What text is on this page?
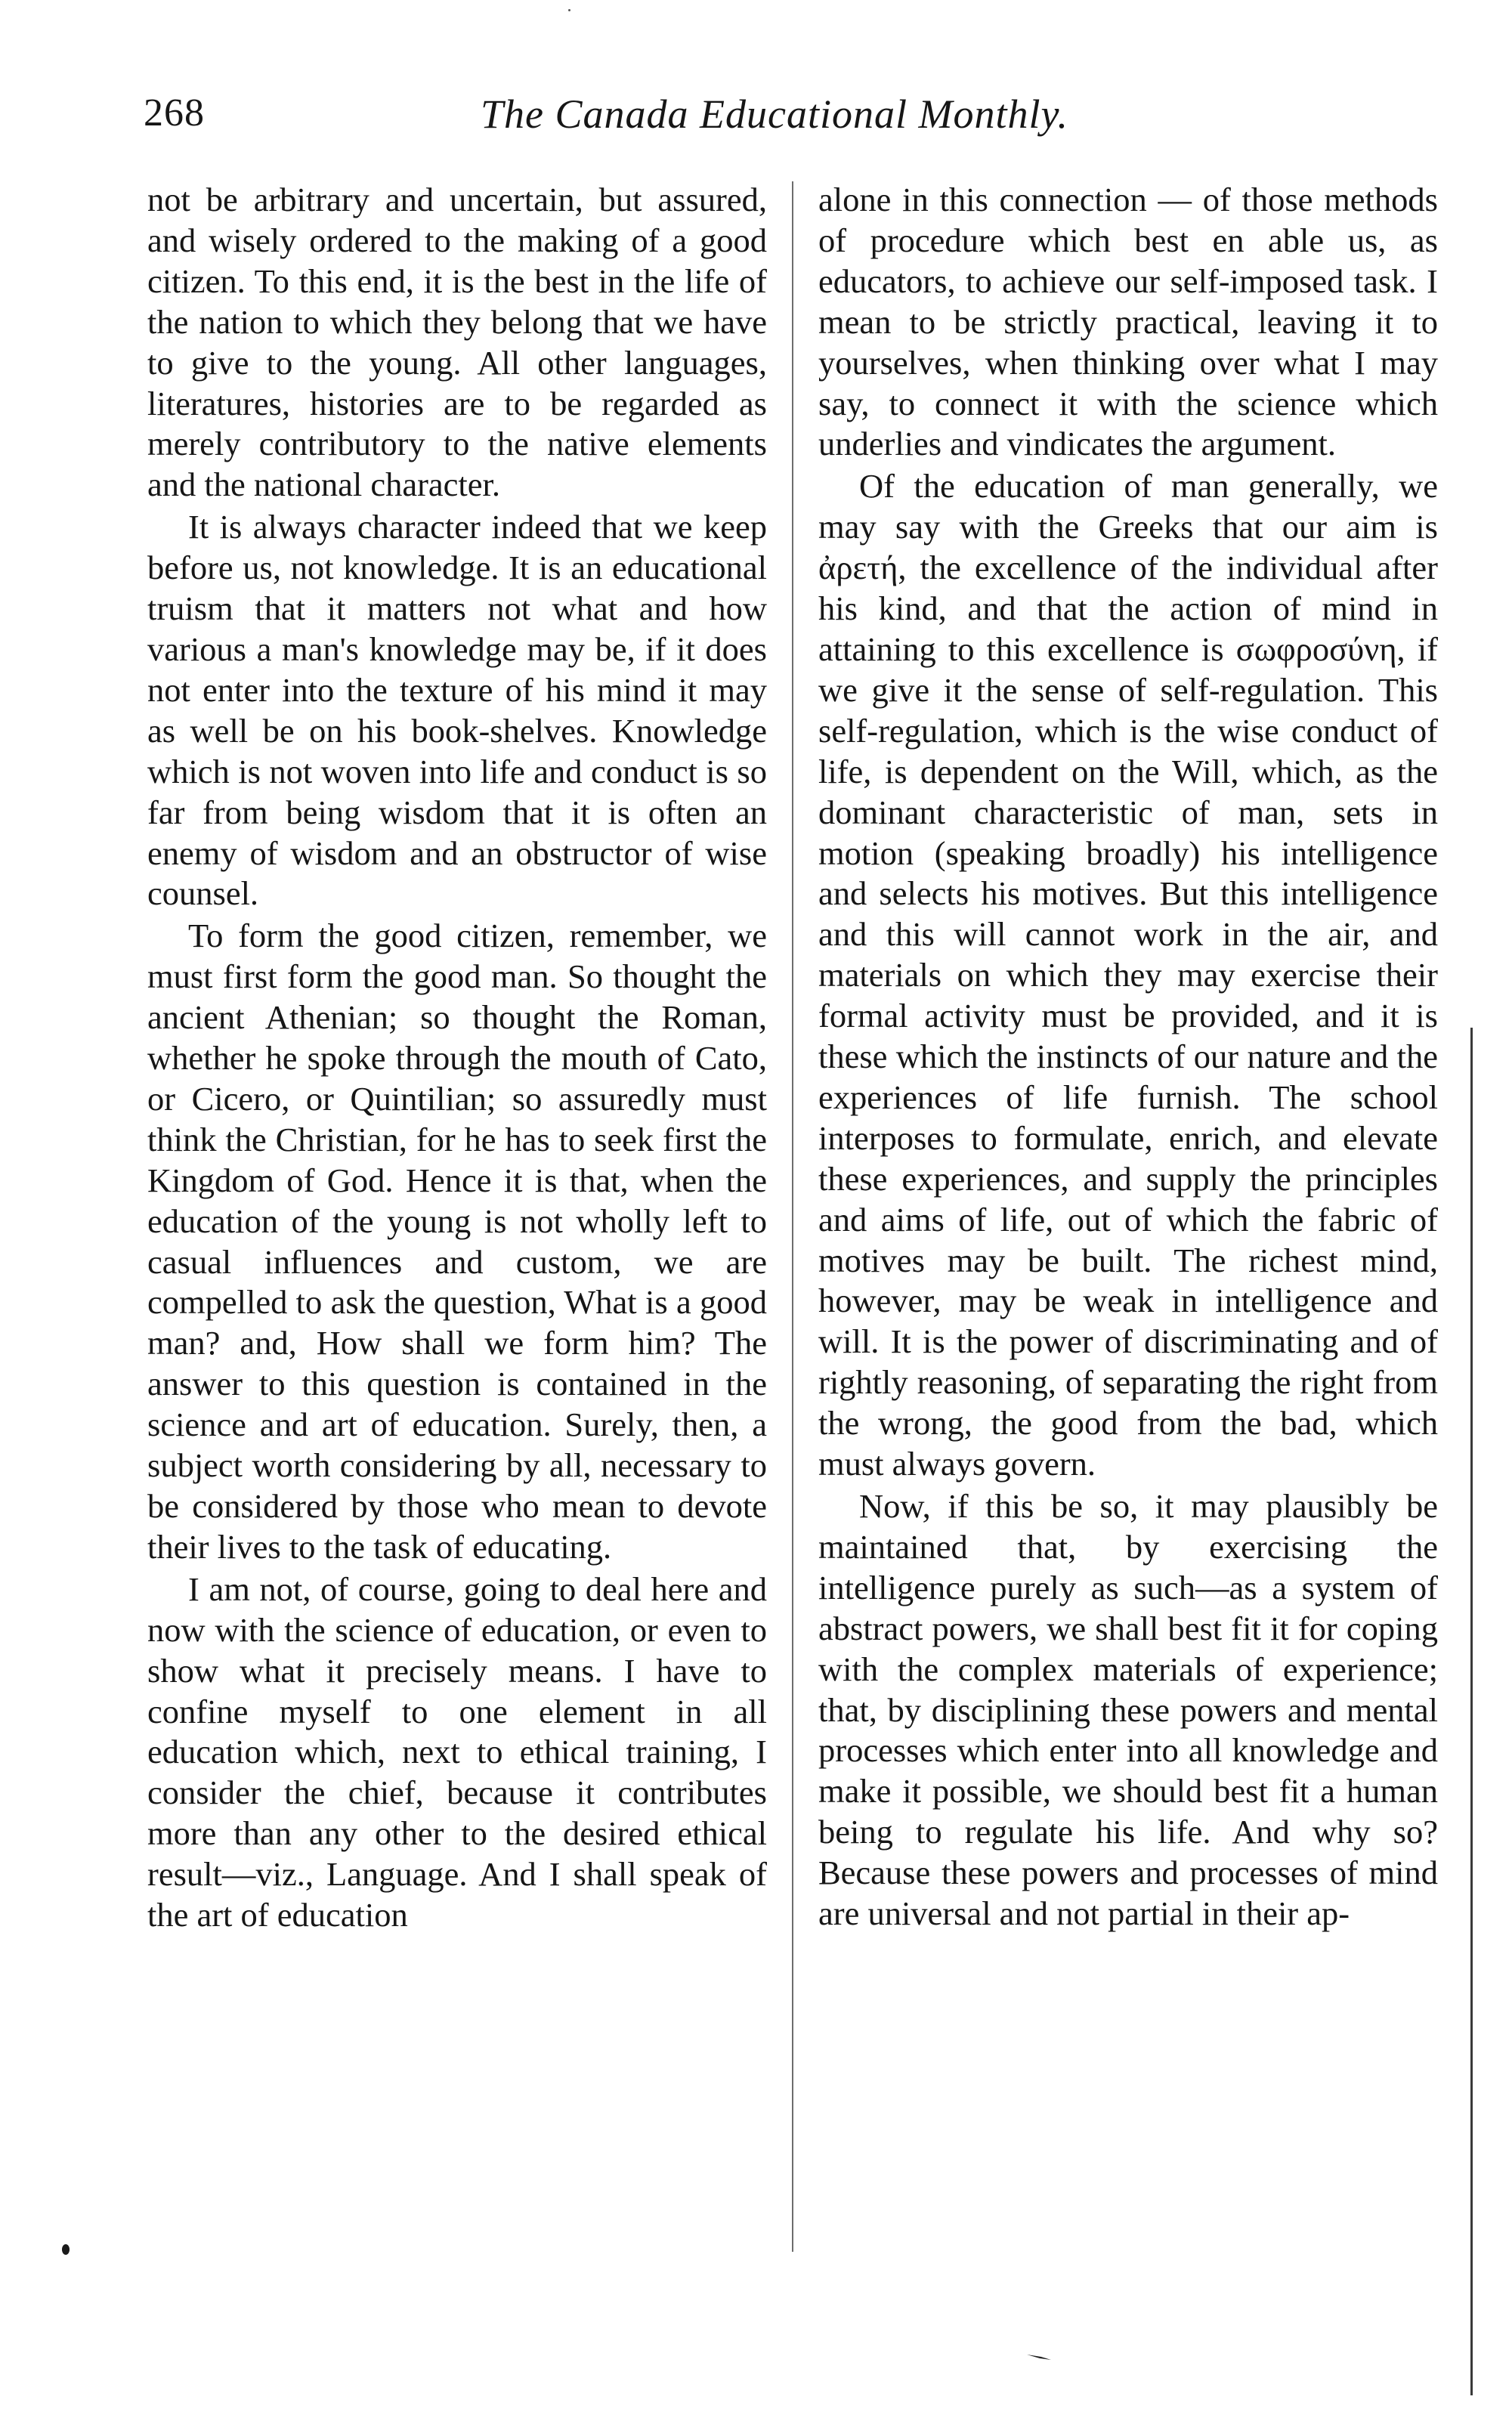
268	The Canada Educational Monthly.

not be arbitrary and uncertain, but assured, and wisely ordered to the making of a good citizen. To this end, it is the best in the life of the nation to which they belong that we have to give to the young. All other languages, literatures, histories are to be regarded as merely contributory to the native elements and the national character.

It is always character indeed that we keep before us, not knowledge. It is an educational truism that it matters not what and how various a man's knowledge may be, if it does not enter into the texture of his mind it may as well be on his book-shelves. Knowledge which is not woven into life and conduct is so far from being wisdom that it is often an enemy of wisdom and an obstructor of wise counsel.

To form the good citizen, remember, we must first form the good man. So thought the ancient Athenian; so thought the Roman, whether he spoke through the mouth of Cato, or Cicero, or Quintilian; so assuredly must think the Christian, for he has to seek first the Kingdom of God. Hence it is that, when the education of the young is not wholly left to casual influences and custom, we are compelled to ask the question, What is a good man? and, How shall we form him? The answer to this question is contained in the science and art of education. Surely, then, a subject worth considering by all, necessary to be considered by those who mean to devote their lives to the task of educating.

I am not, of course, going to deal here and now with the science of education, or even to show what it precisely means. I have to confine myself to one element in all education which, next to ethical training, I consider the chief, because it contributes more than any other to the desired ethical result—viz., Language. And I shall speak of the art of education

alone in this connection — of those methods of procedure which best en able us, as educators, to achieve our self-imposed task. I mean to be strictly practical, leaving it to yourselves, when thinking over what I may say, to connect it with the science which underlies and vindicates the argument.

Of the education of man generally, we may say with the Greeks that our aim is ἀρετή, the excellence of the individual after his kind, and that the action of mind in attaining to this excellence is σωφροσύνη, if we give it the sense of self-regulation. This self-regulation, which is the wise conduct of life, is dependent on the Will, which, as the dominant characteristic of man, sets in motion (speaking broadly) his intelligence and selects his motives. But this intelligence and this will cannot work in the air, and materials on which they may exercise their formal activity must be provided, and it is these which the instincts of our nature and the experiences of life furnish. The school interposes to formulate, enrich, and elevate these experiences, and supply the principles and aims of life, out of which the fabric of motives may be built. The richest mind, however, may be weak in intelligence and will. It is the power of discriminating and of rightly reasoning, of separating the right from the wrong, the good from the bad, which must always govern.

Now, if this be so, it may plausibly be maintained that, by exercising the intelligence purely as such—as a system of abstract powers, we shall best fit it for coping with the complex materials of experience; that, by disciplining these powers and mental processes which enter into all knowledge and make it possible, we should best fit a human being to regulate his life. And why so? Because these powers and processes of mind are universal and not partial in their ap-
